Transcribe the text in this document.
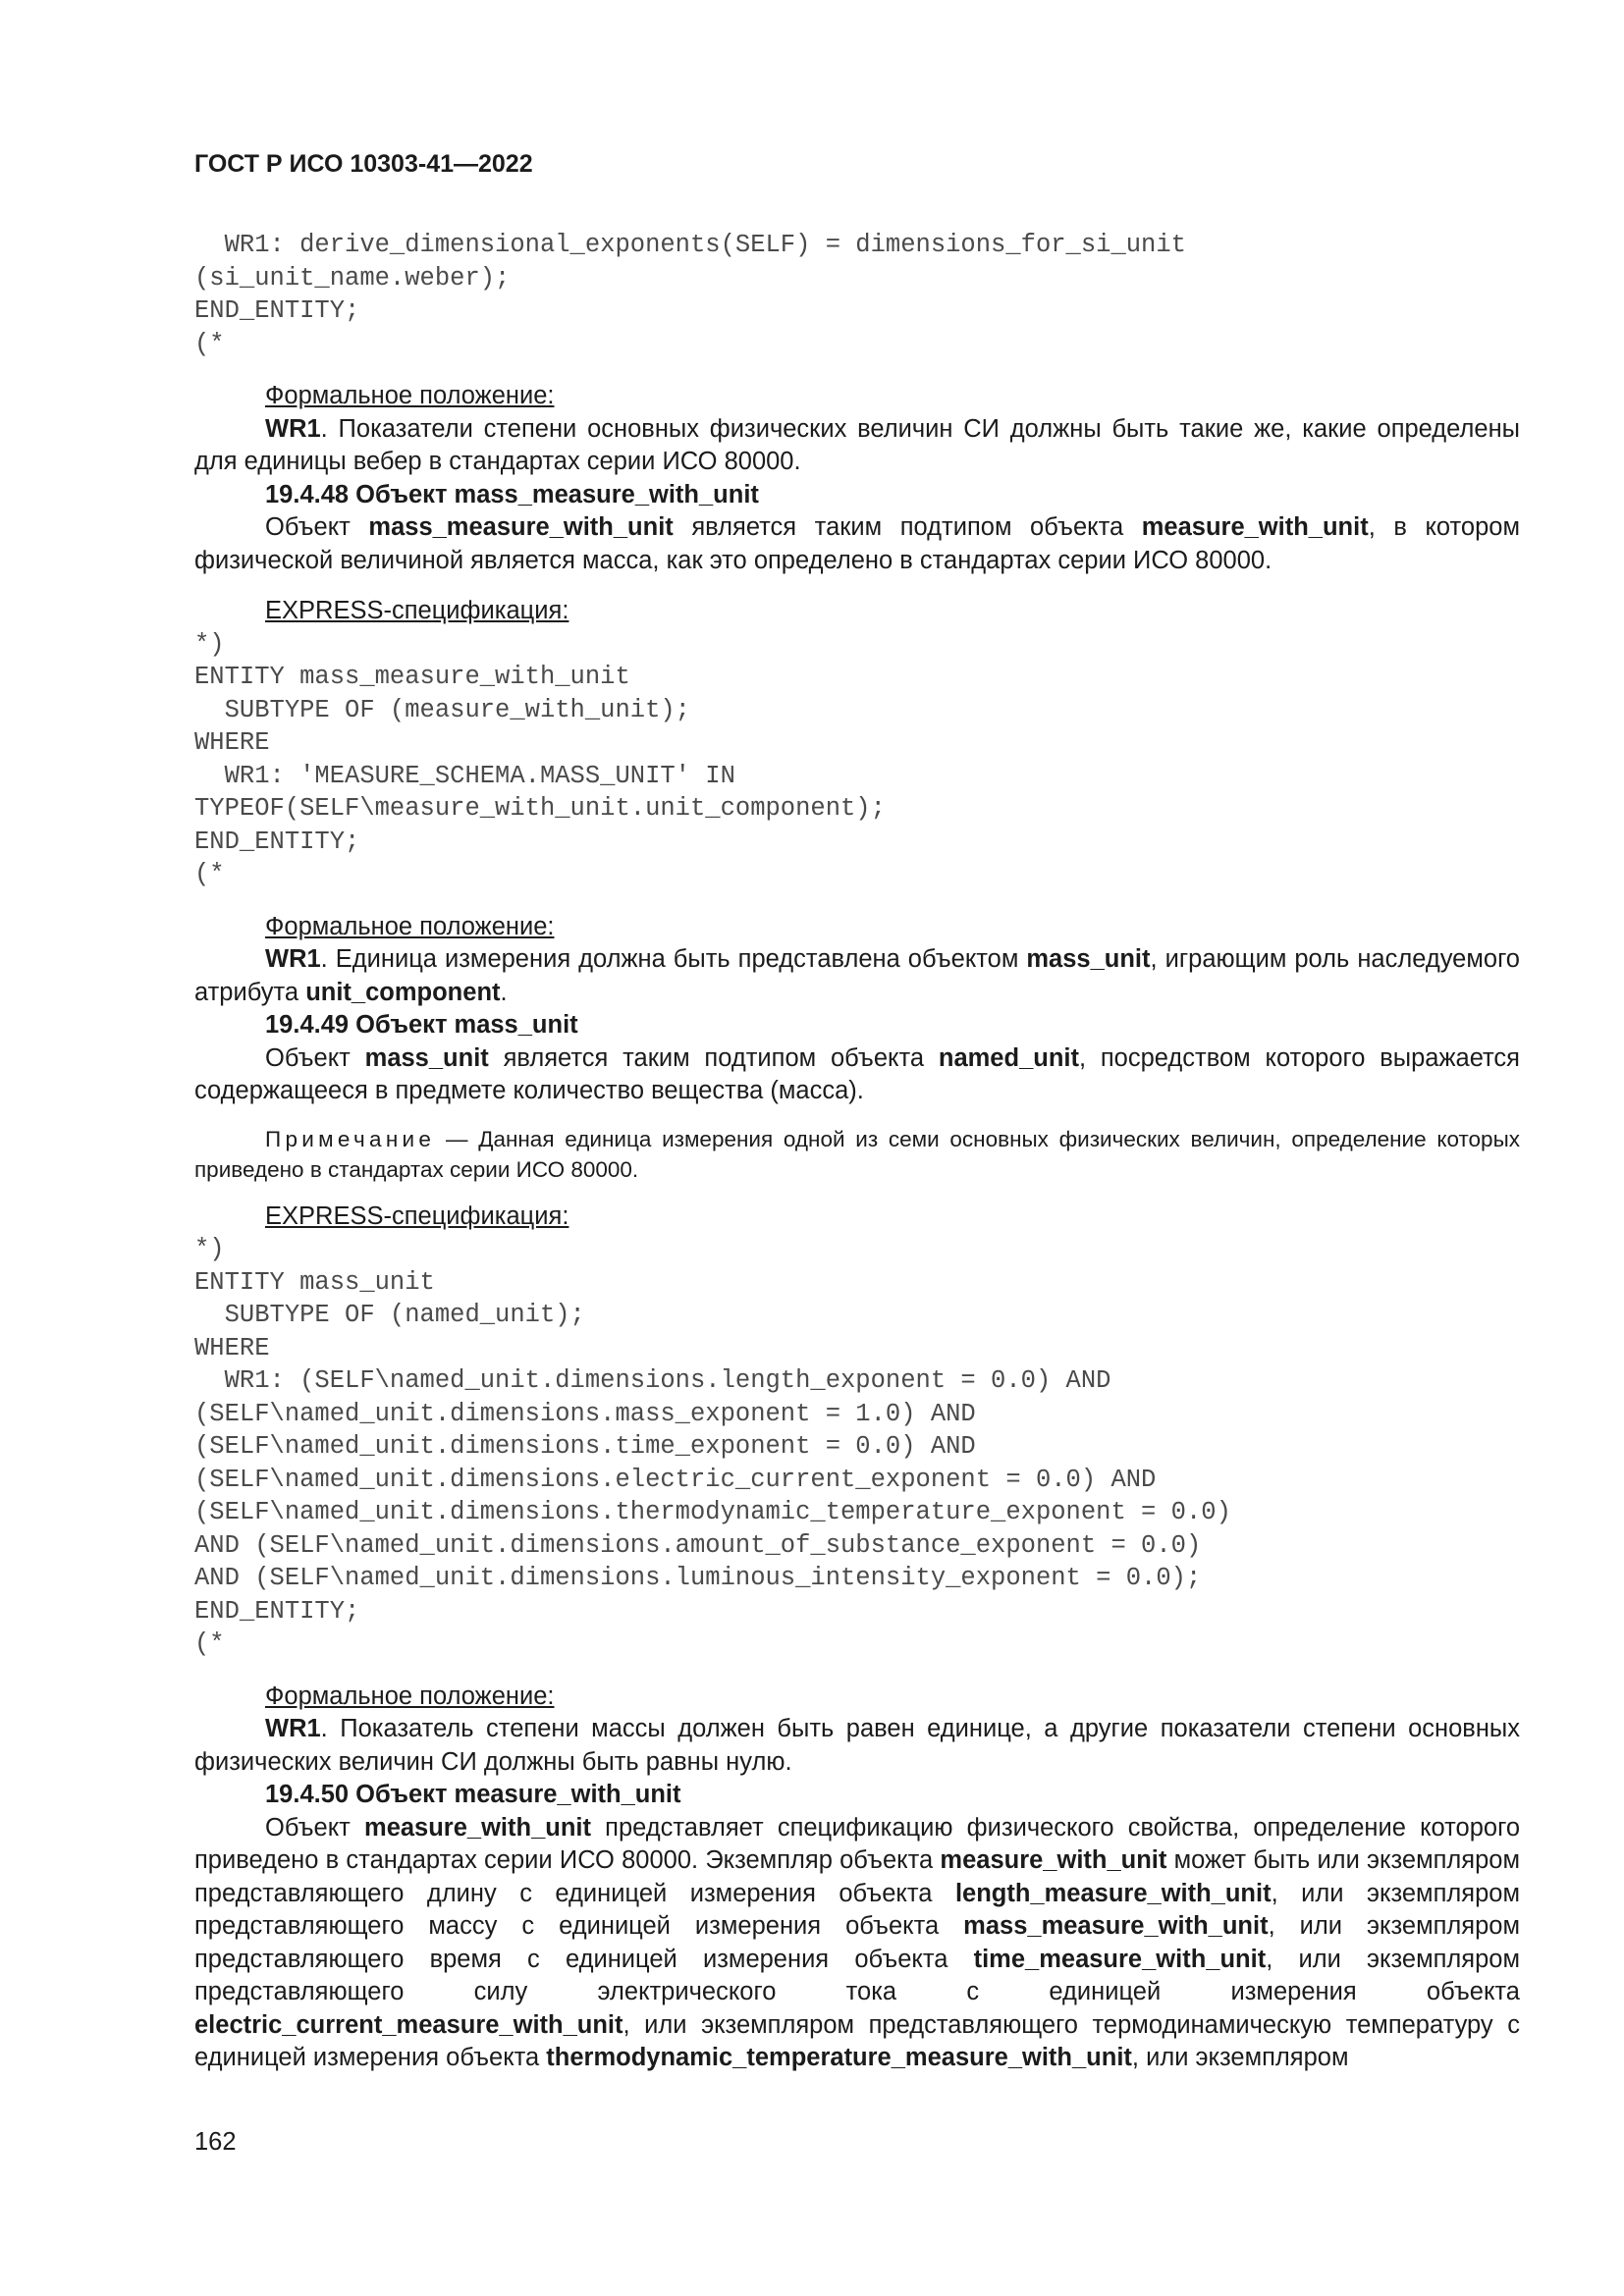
ГОСТ Р ИСО 10303-41—2022

WR1: derive_dimensional_exponents(SELF) = dimensions_for_si_unit
(si_unit_name.weber);
END_ENTITY;
(*

Формальное положение:

WR1. Показатели степени основных физических величин СИ должны быть такие же, какие определены для единицы вебер в стандартах серии ИСО 80000.

19.4.48 Объект mass_measure_with_unit

Объект mass_measure_with_unit является таким подтипом объекта measure_with_unit, в котором физической величиной является масса, как это определено в стандартах серии ИСО 80000.

EXPRESS-спецификация:

*)
ENTITY mass_measure_with_unit
SUBTYPE OF (measure_with_unit);
WHERE
WR1: 'MEASURE_SCHEMA.MASS_UNIT' IN
TYPEOF(SELF\measure_with_unit.unit_component);
END_ENTITY;
(*

Формальное положение:

WR1. Единица измерения должна быть представлена объектом mass_unit, играющим роль наследуемого атрибута unit_component.

19.4.49 Объект mass_unit

Объект mass_unit является таким подтипом объекта named_unit, посредством которого выражается содержащееся в предмете количество вещества (масса).

Примечание — Данная единица измерения одной из семи основных физических величин, определение которых приведено в стандартах серии ИСО 80000.

EXPRESS-спецификация:

*)
ENTITY mass_unit
SUBTYPE OF (named_unit);
WHERE
WR1: (SELF\named_unit.dimensions.length_exponent = 0.0) AND
(SELF\named_unit.dimensions.mass_exponent = 1.0) AND
(SELF\named_unit.dimensions.time_exponent = 0.0) AND
(SELF\named_unit.dimensions.electric_current_exponent = 0.0) AND
(SELF\named_unit.dimensions.thermodynamic_temperature_exponent = 0.0)
AND (SELF\named_unit.dimensions.amount_of_substance_exponent = 0.0)
AND (SELF\named_unit.dimensions.luminous_intensity_exponent = 0.0);
END_ENTITY;
(*

Формальное положение:

WR1. Показатель степени массы должен быть равен единице, а другие показатели степени основных физических величин СИ должны быть равны нулю.

19.4.50 Объект measure_with_unit

Объект measure_with_unit представляет спецификацию физического свойства, определение которого приведено в стандартах серии ИСО 80000. Экземпляр объекта measure_with_unit может быть или экземпляром представляющего длину с единицей измерения объекта length_measure_with_unit, или экземпляром представляющего массу с единицей измерения объекта mass_measure_with_unit, или экземпляром представляющего время с единицей измерения объекта time_measure_with_unit, или экземпляром представляющего силу электрического тока с единицей измерения объекта electric_current_measure_with_unit, или экземпляром представляющего термодинамическую температуру с единицей измерения объекта thermodynamic_temperature_measure_with_unit, или экземпляром

162
